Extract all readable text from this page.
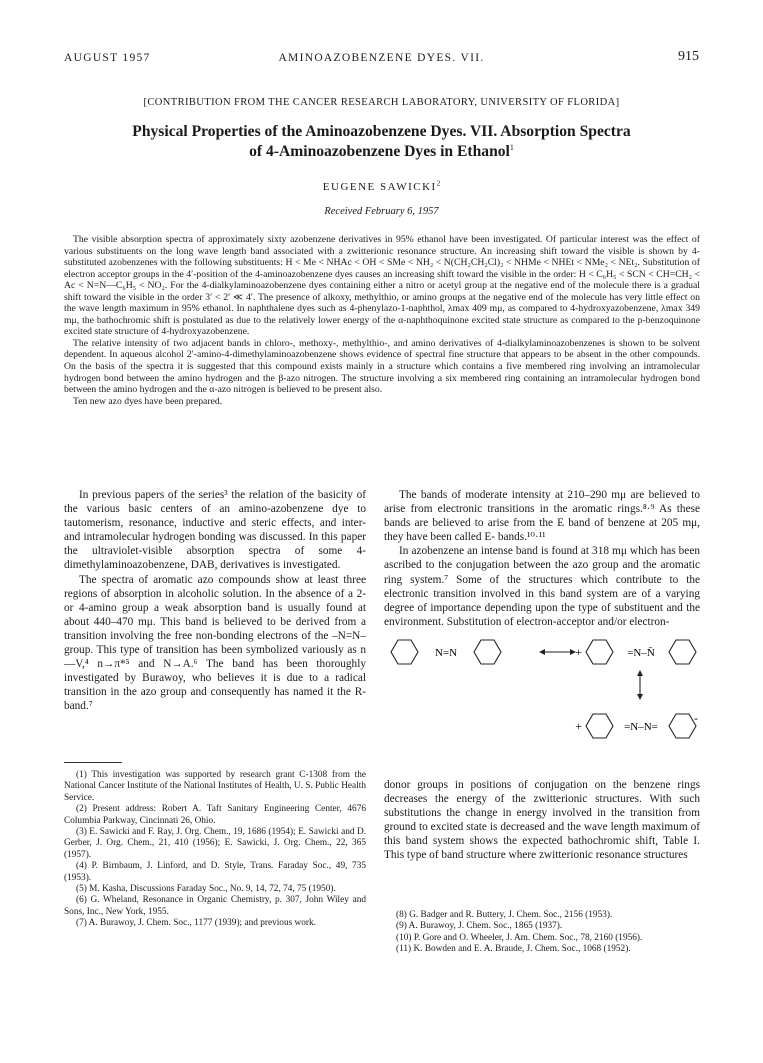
AUGUST 1957	AMINOAZOBENZENE DYES. VII.	915
[CONTRIBUTION FROM THE CANCER RESEARCH LABORATORY, UNIVERSITY OF FLORIDA]
Physical Properties of the Aminoazobenzene Dyes. VII. Absorption Spectra
of 4-Aminoazobenzene Dyes in Ethanol$^1$
EUGENE SAWICKI$^2$
Received February 6, 1957

The visible absorption spectra of approximately sixty azobenzene derivatives in 95% ethanol have been investigated. Of particular interest was the effect of various substituents on the long wave length band associated with a zwitterionic resonance structure. An increasing shift toward the visible is shown by 4-substituted azobenzenes with the following substituents: H < Me < NHAc < OH < SMe < NH₂ < N(CH₂CH₂Cl)₂ < NHMe < NHEt < NMe₂ < NEt₂. Substitution of electron acceptor groups in the 4′-position of the 4-aminoazobenzene dyes causes an increasing shift toward the visible in the order: H < C₆H₅ < SCN < CH=CH₂ < Ac < N=N—C₆H₅ < NO₂. For the 4-dialkylaminoazobenzene dyes containing either a nitro or acetyl group at the negative end of the molecule there is a gradual shift toward the visible in the order 3′ < 2′ ≪ 4′. The presence of alkoxy, methylthio, or amino groups at the negative end of the molecule has very little effect on the wave length maximum in 95% ethanol. In naphthalene dyes such as 4-phenylazo-1-naphthol, λmax 409 mμ, as compared to 4-hydroxyazobenzene, λmax 349 mμ, the bathochromic shift is postulated as due to the relatively lower energy of the α-naphthoquinone excited state structure as compared to the p-benzoquinone excited state structure of 4-hydroxyazobenzene.

The relative intensity of two adjacent bands in chloro-, methoxy-, methylthio-, and amino derivatives of 4-dialkylaminoazobenzenes is shown to be solvent dependent. In aqueous alcohol 2′-amino-4-dimethylaminoazobenzene shows evidence of spectral fine structure that appears to be absent in the other compounds. On the basis of the spectra it is suggested that this compound exists mainly in a structure which contains a five membered ring involving an intramolecular hydrogen bond between the amino hydrogen and the β-azo nitrogen. The structure involving a six membered ring containing an intramolecular hydrogen bond between the amino hydrogen and the α-azo nitrogen is believed to be present also.

Ten new azo dyes have been prepared.

In previous papers of the series³ the relation of the basicity of the various basic centers of an amino-azobenzene dye to tautomerism, resonance, inductive and steric effects, and inter- and intramolecular hydrogen bonding was discussed. In this paper the ultraviolet-visible absorption spectra of some 4-dimethylaminoazobenzene, DAB, derivatives is investigated.

The spectra of aromatic azo compounds show at least three regions of absorption in alcoholic solution. In the absence of a 2- or 4-amino group a weak absorption band is usually found at about 440–470 mμ. This band is believed to be derived from a transition involving the free non-bonding electrons of the –N=N– group. This type of transition has been symbolized variously as n—V,⁴ n→π*⁵ and N→A.⁶ The band has been thoroughly investigated by Burawoy, who believes it is due to a radical transition in the azo group and consequently has named it the R- band.⁷

(1) This investigation was supported by research grant C-1308 from the National Cancer Institute of the National Institutes of Health, U. S. Public Health Service.

(2) Present address: Robert A. Taft Sanitary Engineering Center, 4676 Columbia Parkway, Cincinnati 26, Ohio.

(3) E. Sawicki and F. Ray, J. Org. Chem., 19, 1686 (1954); E. Sawicki and D. Gerber, J. Org. Chem., 21, 410 (1956); E. Sawicki, J. Org. Chem., 22, 365 (1957).

(4) P. Birnbaum, J. Linford, and D. Style, Trans. Faraday Soc., 49, 735 (1953).

(5) M. Kasha, Discussions Faraday Soc., No. 9, 14, 72, 74, 75 (1950).

(6) G. Wheland, Resonance in Organic Chemistry, p. 307, John Wiley and Sons, Inc., New York, 1955.

(7) A. Burawoy, J. Chem. Soc., 1177 (1939); and previous work.

The bands of moderate intensity at 210–290 mμ are believed to arise from electronic transitions in the aromatic rings.⁸·⁹ As these bands are believed to arise from the E band of benzene at 205 mμ, they have been called E- bands.¹⁰·¹¹

In azobenzene an intense band is found at 318 mμ which has been ascribed to the conjugation between the azo group and the aromatic ring system.⁷ Some of the structures which contribute to the electronic transition involved in this band system are of a varying degree of importance depending upon the type of substituent and the environment. Substitution of electron-acceptor and/or electron-

N=N	+	=N–N̄
+	=N–N=
-

donor groups in positions of conjugation on the benzene rings decreases the energy of the zwitterionic structures. With such substitutions the change in energy involved in the transition from ground to excited state is decreased and the wave length maximum of this band system shows the expected bathochromic shift, Table I. This type of band structure where zwitterionic resonance structures

(8) G. Badger and R. Buttery, J. Chem. Soc., 2156 (1953).

(9) A. Burawoy, J. Chem. Soc., 1865 (1937).

(10) P. Gore and O. Wheeler, J. Am. Chem. Soc., 78, 2160 (1956).

(11) K. Bowden and E. A. Braude, J. Chem. Soc., 1068 (1952).
